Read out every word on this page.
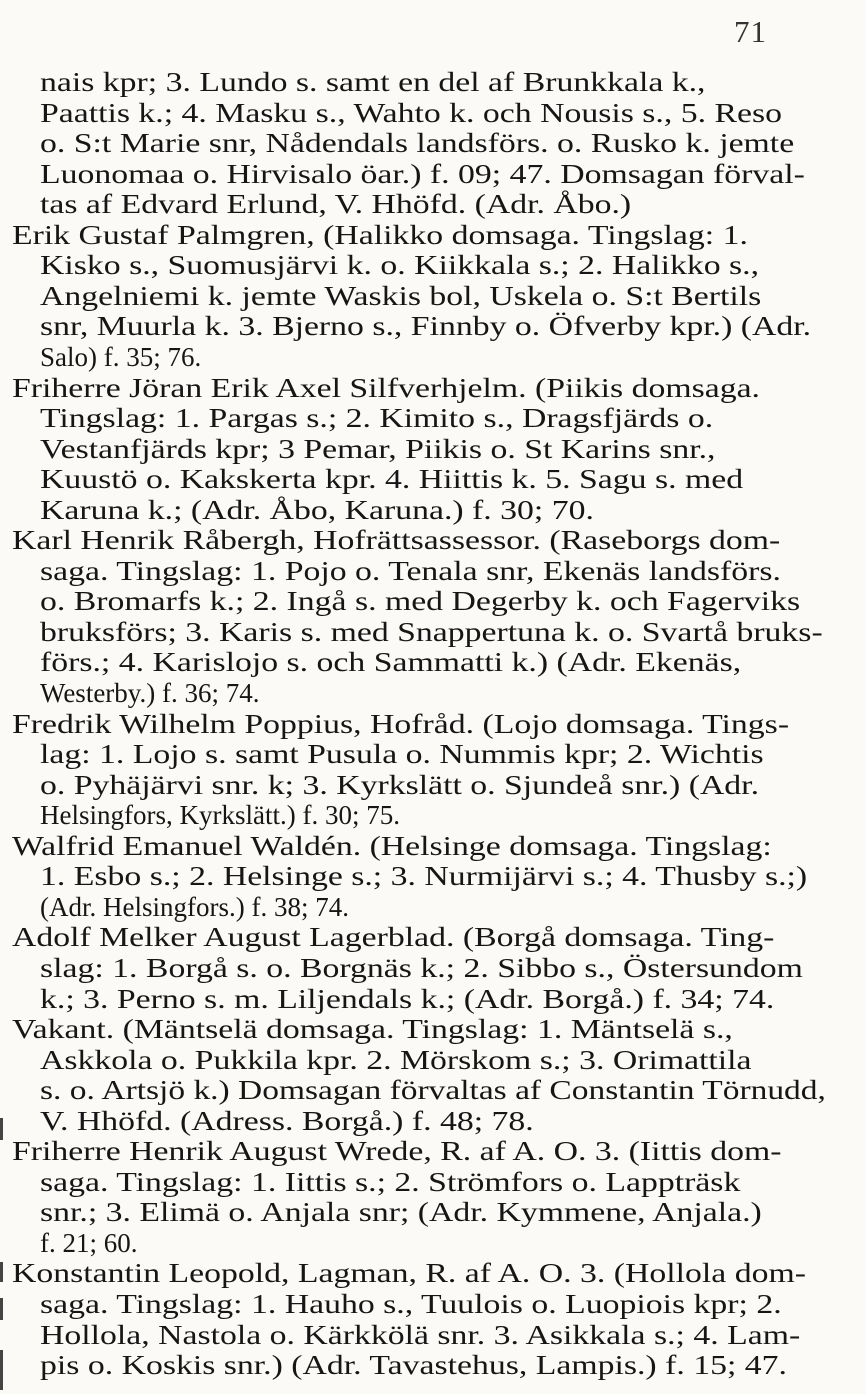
71
nais kpr; 3. Lundo s. samt en del af Brunkkala k.,
Paattis k.; 4. Masku s., Wahto k. och Nousis s., 5. Reso
o. S:t Marie snr, Nådendals landsförs. o. Rusko k. jemte
Luonomaa o. Hirvisalo öar.) f. 09; 47. Domsagan förval-
tas af Edvard Erlund, V. Hhöfd. (Adr. Åbo.)
Erik Gustaf Palmgren, (Halikko domsaga. Tingslag: 1.
Kisko s., Suomusjärvi k. o. Kiikkala s.; 2. Halikko s.,
Angelniemi k. jemte Waskis bol, Uskela o. S:t Bertils
snr, Muurla k. 3. Bjerno s., Finnby o. Öfverby kpr.) (Adr.
Salo) f. 35; 76.
Friherre Jöran Erik Axel Silfverhjelm. (Piikis domsaga.
Tingslag: 1. Pargas s.; 2. Kimito s., Dragsfjärds o.
Vestanfjärds kpr; 3 Pemar, Piikis o. St Karins snr.,
Kuustö o. Kakskerta kpr. 4. Hiittis k. 5. Sagu s. med
Karuna k.; (Adr. Åbo, Karuna.) f. 30; 70.
Karl Henrik Råbergh, Hofrättsassessor. (Raseborgs dom-
saga. Tingslag: 1. Pojo o. Tenala snr, Ekenäs landsförs.
o. Bromarfs k.; 2. Ingå s. med Degerby k. och Fagerviks
bruksförs; 3. Karis s. med Snappertuna k. o. Svartå bruks-
förs.; 4. Karislojo s. och Sammatti k.) (Adr. Ekenäs,
Westerby.) f. 36; 74.
Fredrik Wilhelm Poppius, Hofråd. (Lojo domsaga. Tings-
lag: 1. Lojo s. samt Pusula o. Nummis kpr; 2. Wichtis
o. Pyhäjärvi snr. k; 3. Kyrkslätt o. Sjundeå snr.) (Adr.
Helsingfors, Kyrkslätt.) f. 30; 75.
Walfrid Emanuel Waldén. (Helsinge domsaga. Tingslag:
1. Esbo s.; 2. Helsinge s.; 3. Nurmijärvi s.; 4. Thusby s.;)
(Adr. Helsingfors.) f. 38; 74.
Adolf Melker August Lagerblad. (Borgå domsaga. Ting-
slag: 1. Borgå s. o. Borgnäs k.; 2. Sibbo s., Östersundom
k.; 3. Perno s. m. Liljendals k.; (Adr. Borgå.) f. 34; 74.
Vakant. (Mäntselä domsaga. Tingslag: 1. Mäntselä s.,
Askkola o. Pukkila kpr. 2. Mörskom s.; 3. Orimattila
s. o. Artsjö k.) Domsagan förvaltas af Constantin Törnudd,
V. Hhöfd. (Adress. Borgå.) f. 48; 78.
Friherre Henrik August Wrede, R. af A. O. 3. (Iittis dom-
saga. Tingslag: 1. Iittis s.; 2. Strömfors o. Lappträsk
snr.; 3. Elimä o. Anjala snr; (Adr. Kymmene, Anjala.)
f. 21; 60.
Konstantin Leopold, Lagman, R. af A. O. 3. (Hollola dom-
saga. Tingslag: 1. Hauho s., Tuulois o. Luopiois kpr; 2.
Hollola, Nastola o. Kärkkölä snr. 3. Asikkala s.; 4. Lam-
pis o. Koskis snr.) (Adr. Tavastehus, Lampis.) f. 15; 47.
